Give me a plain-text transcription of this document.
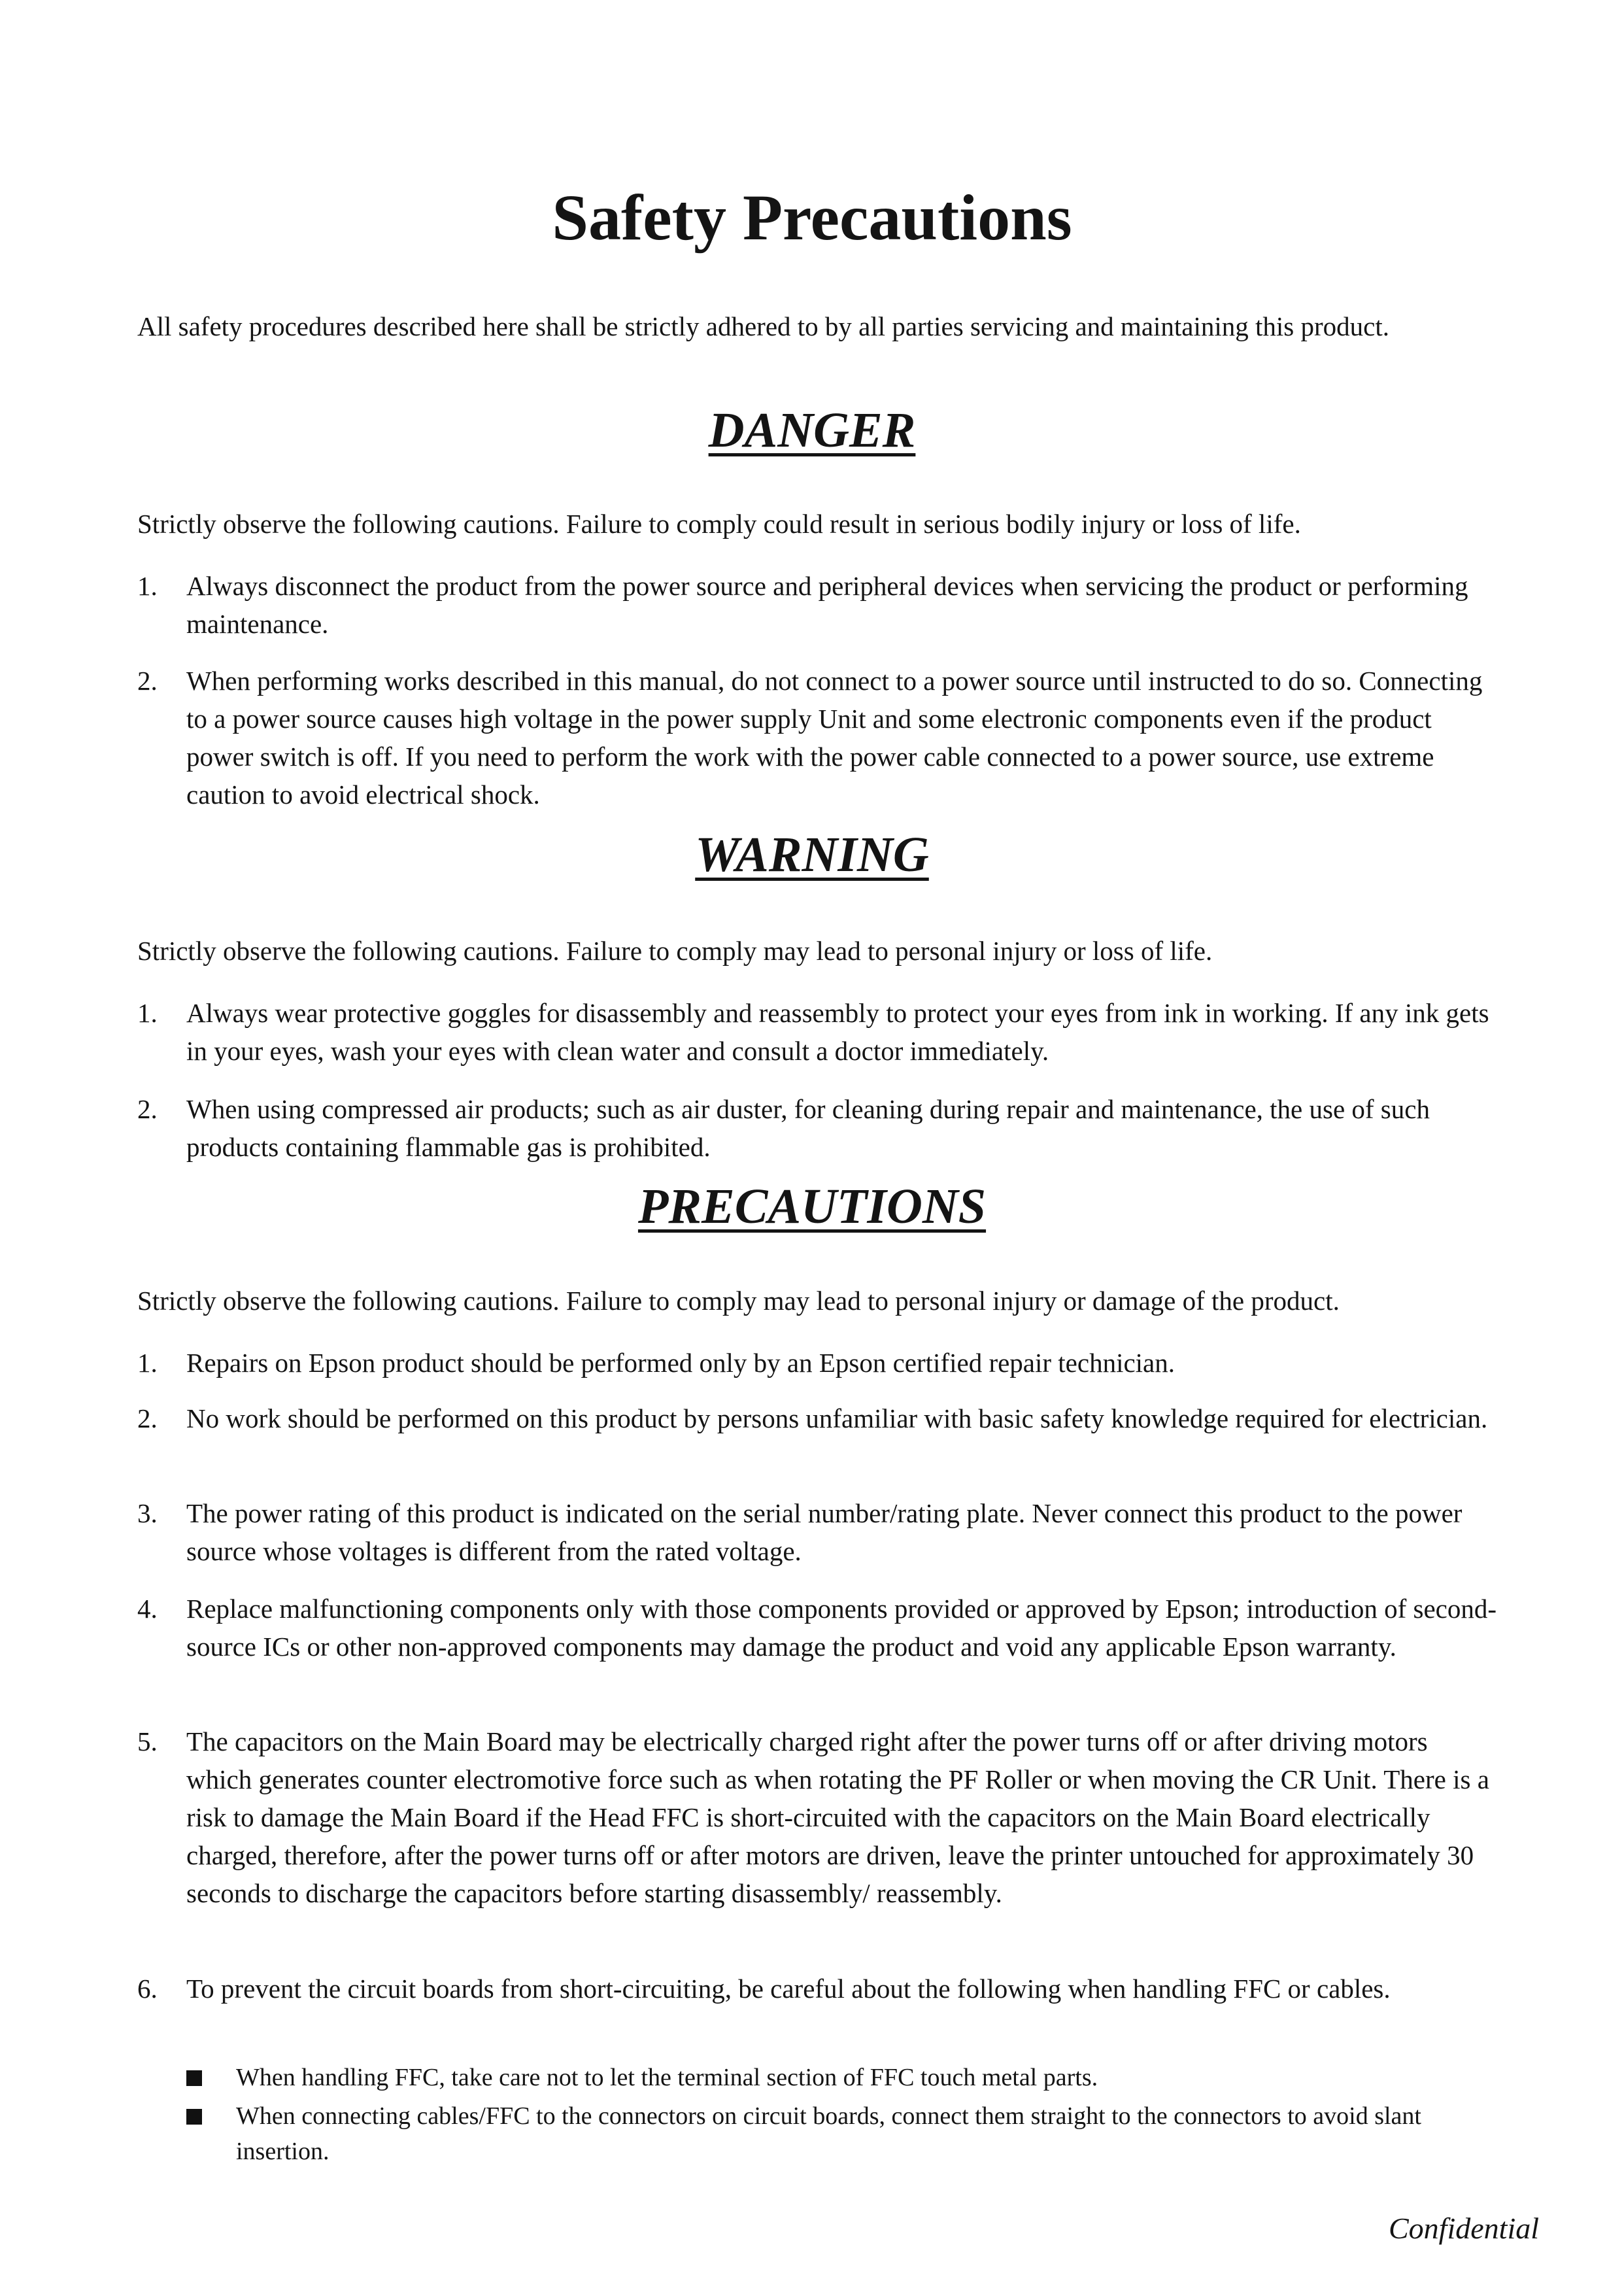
Safety Precautions

All safety procedures described here shall be strictly adhered to by all parties servicing and maintaining this product.

DANGER

Strictly observe the following cautions. Failure to comply could result in serious bodily injury or loss of life.

1.	Always disconnect the product from the power source and peripheral devices when servicing the product or performing maintenance.
2.	When performing works described in this manual, do not connect to a power source until instructed to do so. Connecting to a power source causes high voltage in the power supply Unit and some electronic components even if the product power switch is off. If you need to perform the work with the power cable connected to a power source, use extreme caution to avoid electrical shock.
WARNING

Strictly observe the following cautions. Failure to comply may lead to personal injury or loss of life.

1.	Always wear protective goggles for disassembly and reassembly to protect your eyes from ink in working. If any ink gets in your eyes, wash your eyes with clean water and consult a doctor immediately.
2.	When using compressed air products; such as air duster, for cleaning during repair and maintenance, the use of such products containing flammable gas is prohibited.
PRECAUTIONS

Strictly observe the following cautions. Failure to comply may lead to personal injury or damage of the product.

1.	Repairs on Epson product should be performed only by an Epson certified repair technician.
2.	No work should be performed on this product by persons unfamiliar with basic safety knowledge required for electrician.
3.	The power rating of this product is indicated on the serial number/rating plate. Never connect this product to the power source whose voltages is different from the rated voltage.
4.	Replace malfunctioning components only with those components provided or approved by Epson; introduction of second-source ICs or other non-approved components may damage the product and void any applicable Epson warranty.
5.	The capacitors on the Main Board may be electrically charged right after the power turns off or after driving motors which generates counter electromotive force such as when rotating the PF Roller or when moving the CR Unit. There is a risk to damage the Main Board if the Head FFC is short-circuited with the capacitors on the Main Board electrically charged, therefore, after the power turns off or after motors are driven, leave the printer untouched for approximately 30 seconds to discharge the capacitors before starting disassembly/ reassembly.
6.	To prevent the circuit boards from short-circuiting, be careful about the following when handling FFC or cables.
When handling FFC, take care not to let the terminal section of FFC touch metal parts.
When connecting cables/FFC to the connectors on circuit boards, connect them straight to the connectors to avoid slant insertion.
Confidential
